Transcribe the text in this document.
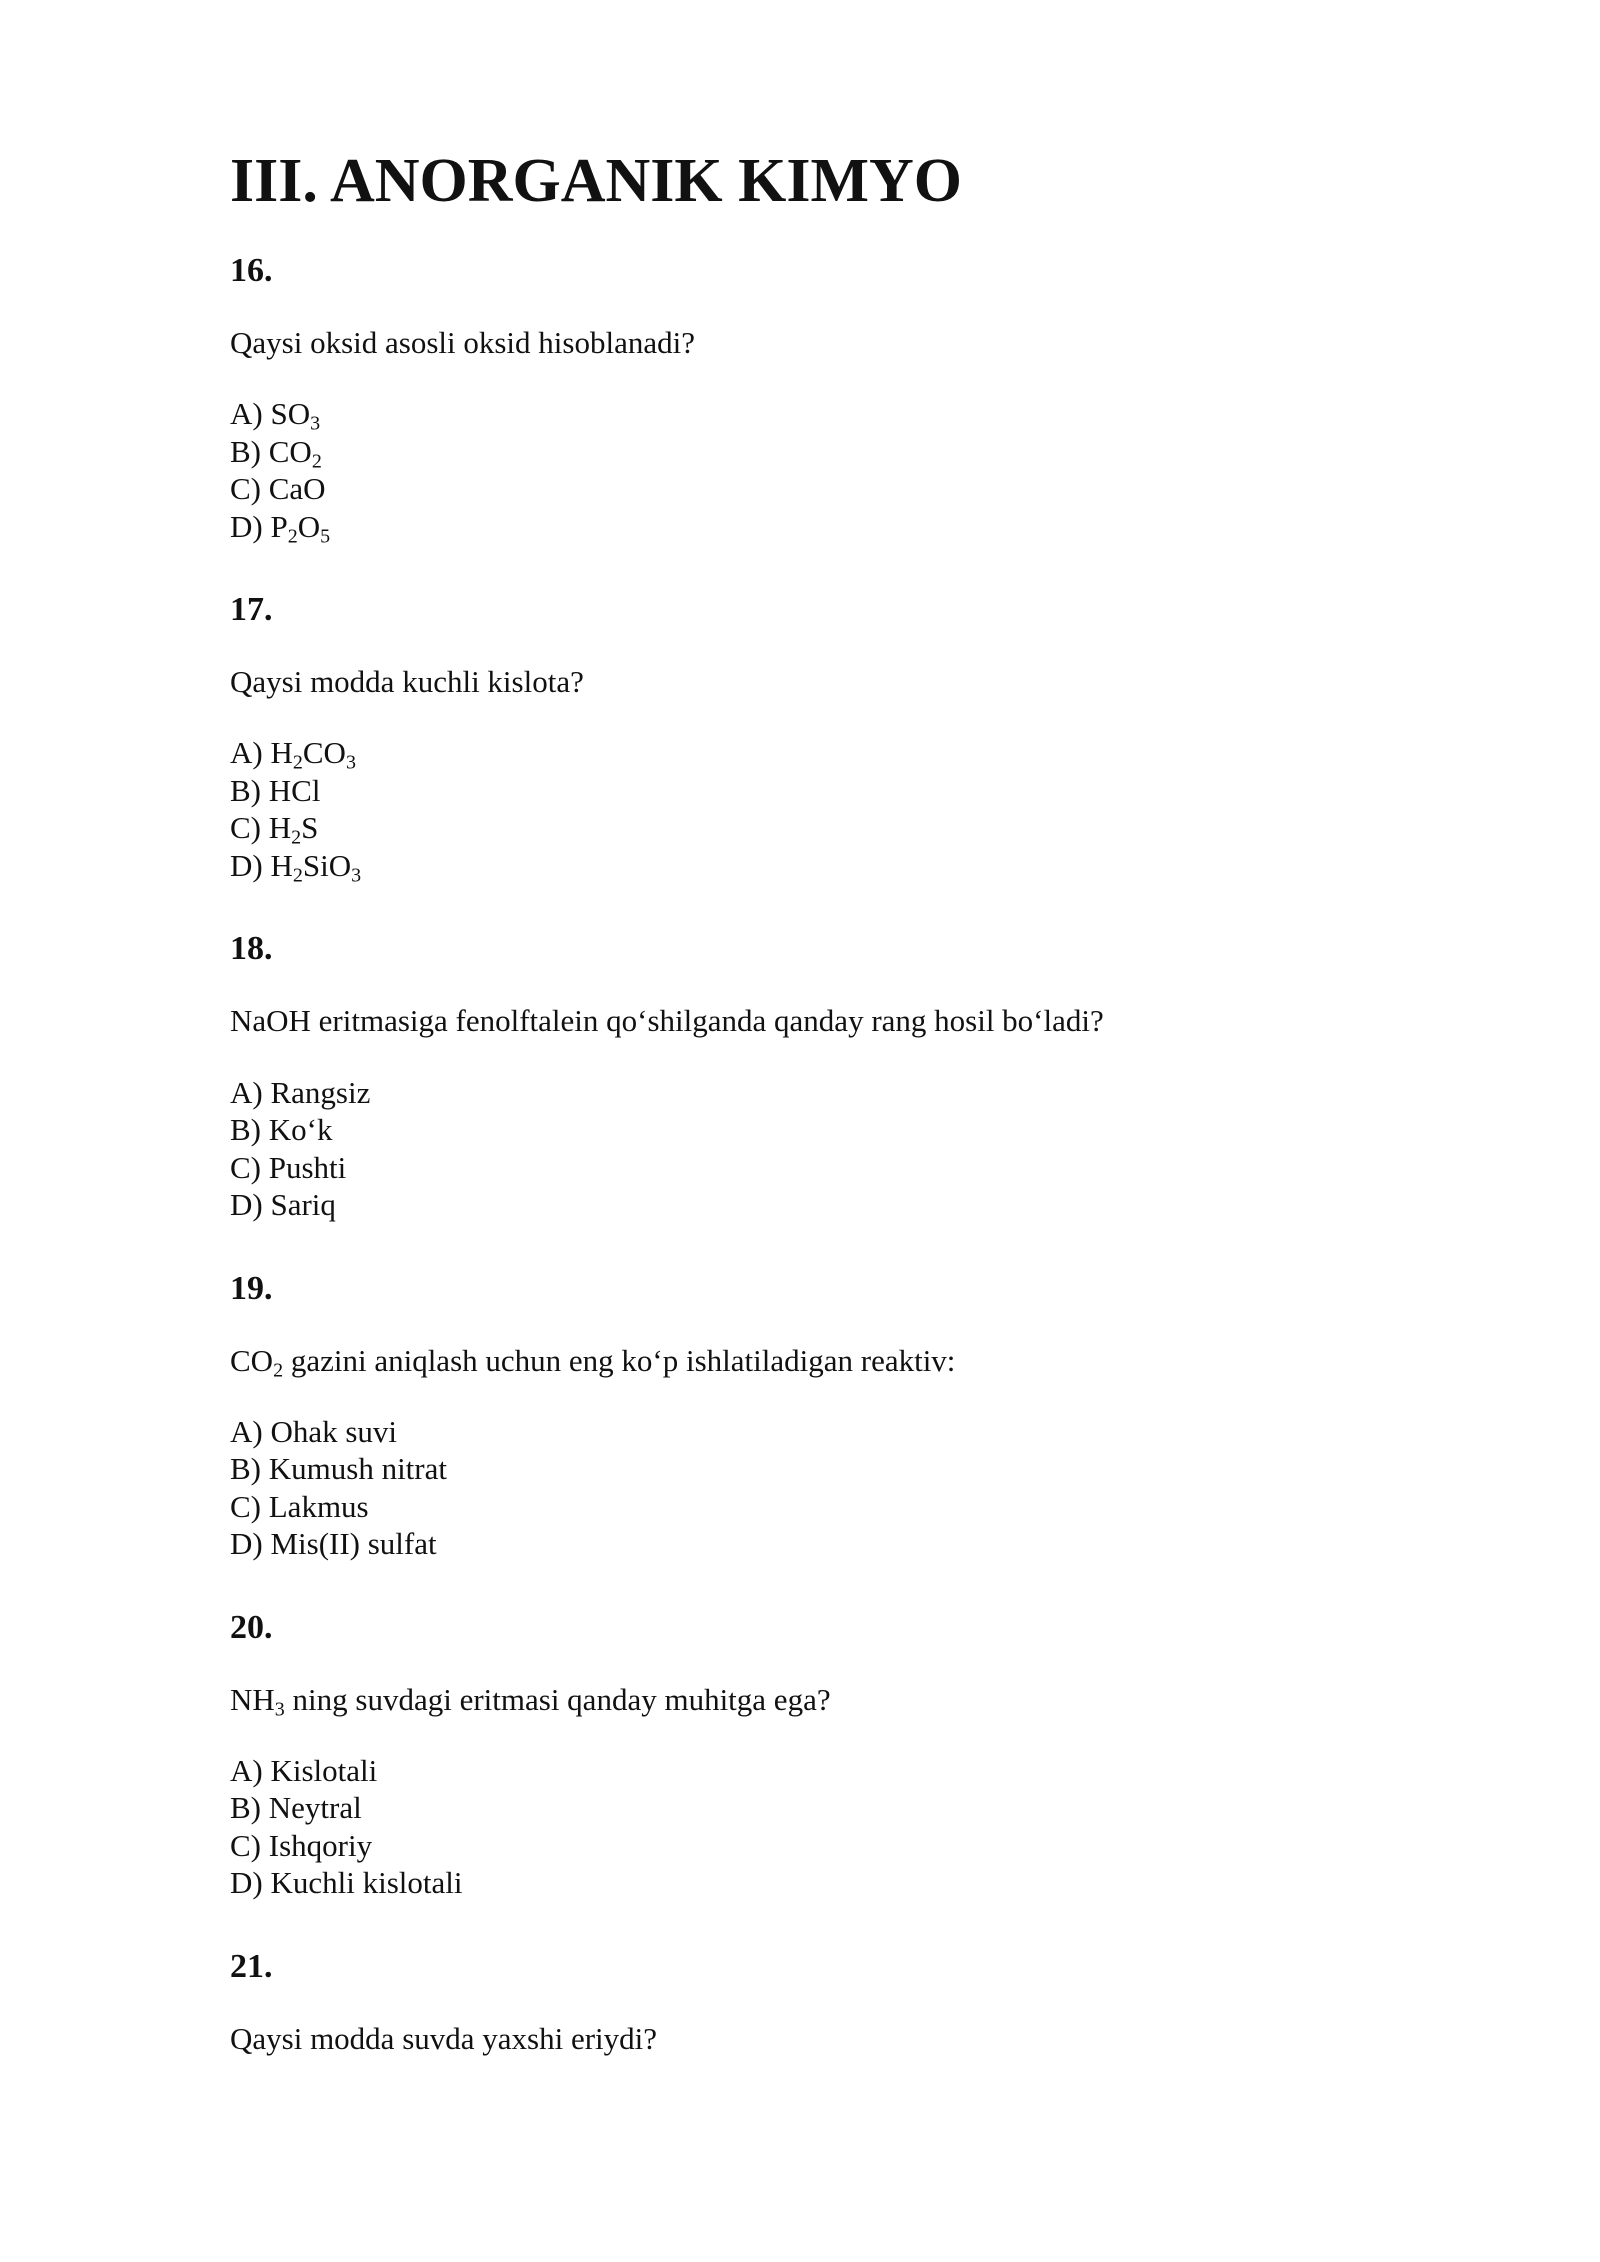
III. ANORGANIK KIMYO

16.

Qaysi oksid asosli oksid hisoblanadi?

A) $SO_3$

B) $CO_2$

C) CaO

D) $P_2O_5$

17.

Qaysi modda kuchli kislota?

A) $H_2CO_3$

B) HCl

C) $H_2S$

D) $H_2SiO_3$

18.

NaOH eritmasiga fenolftalein qo‘shilganda qanday rang hosil bo‘ladi?

A) Rangsiz

B) Ko‘k

C) Pushti

D) Sariq

19.

$CO_2$ gazini aniqlash uchun eng ko‘p ishlatiladigan reaktiv:

A) Ohak suvi

B) Kumush nitrat

C) Lakmus

D) Mis(II) sulfat

20.

$NH_3$ ning suvdagi eritmasi qanday muhitga ega?

A) Kislotali

B) Neytral

C) Ishqoriy

D) Kuchli kislotali

21.

Qaysi modda suvda yaxshi eriydi?
